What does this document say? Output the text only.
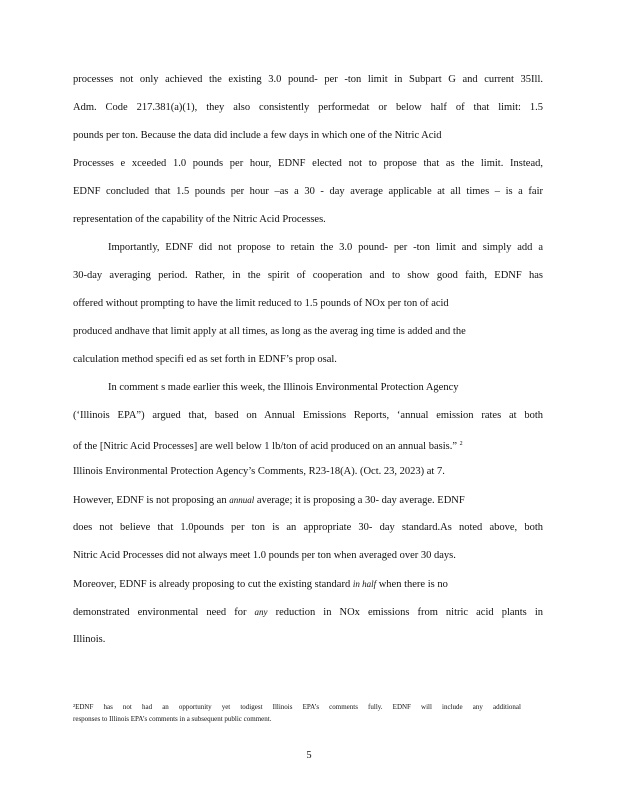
processes not only achieved the existing 3.0 pound- per -ton limit in Subpart G and current 35Ill.
Adm. Code 217.381(a)(1), they also consistently performedat or below half of that limit: 1.5
pounds per ton. Because the data did include a few days in which one of the Nitric Acid
Processes e xceeded 1.0 pounds per hour, EDNF elected not to propose that as the limit. Instead,
EDNF concluded that 1.5 pounds per hour –as a 30 - day average applicable at all times – is a fair
representation of the capability of the Nitric Acid Processes.
Importantly, EDNF did not propose to retain the 3.0 pound- per -ton limit and simply add a
30-day averaging period. Rather, in the spirit of cooperation and to show good faith, EDNF has
offered without prompting to have the limit reduced to 1.5 pounds of NOx per ton of acid
produced andhave that limit apply at all times, as long as the averag ing time is added and the
calculation method specifi ed as set forth in EDNF’s prop osal.
In comment s made earlier this week, the Illinois Environmental Protection Agency
(‘Illinois EPA”) argued that, based on Annual Emissions Reports, ‘annual emission rates at both
of the [Nitric Acid Processes] are well below 1 lb/ton of acid produced on an annual basis.” $^2$
Illinois Environmental Protection Agency’s Comments, R23-18(A). (Oct. 23, 2023) at 7.
However, EDNF is not proposing an annual average; it is proposing a 30- day average. EDNF
does not believe that 1.0pounds per ton is an appropriate 30- day standard.As noted above, both
Nitric Acid Processes did not always meet 1.0 pounds per ton when averaged over 30 days.
Moreover, EDNF is already proposing to cut the existing standard in half when there is no
demonstrated environmental need for any reduction in NOx emissions from nitric acid plants in
Illinois.
²EDNF has not had an opportunity yet todigest Illinois EPA’s comments fully. EDNF will include any additional
responses to Illinois EPA’s comments in a subsequent public comment.
5
